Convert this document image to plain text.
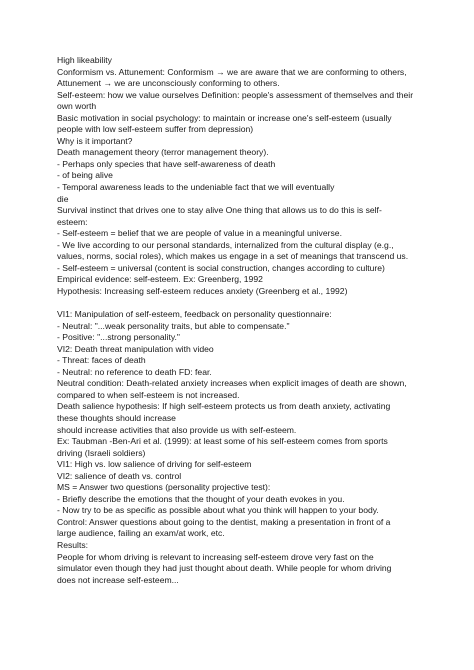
High likeability
Conformism vs. Attunement: Conformism → we are aware that we are conforming to others,
Attunement → we are unconsciously conforming to others.
Self-esteem: how we value ourselves Definition: people's assessment of themselves and their
own worth
Basic motivation in social psychology: to maintain or increase one's self-esteem (usually
people with low self-esteem suffer from depression)
Why is it important?
Death management theory (terror management theory).
- Perhaps only species that have self-awareness of death
- of being alive
- Temporal awareness leads to the undeniable fact that we will eventually
die
Survival instinct that drives one to stay alive One thing that allows us to do this is self-
esteem:
- Self-esteem = belief that we are people of value in a meaningful universe.
- We live according to our personal standards, internalized from the cultural display (e.g.,
values, norms, social roles), which makes us engage in a set of meanings that transcend us.
- Self-esteem = universal (content is social construction, changes according to culture)
Empirical evidence: self-esteem. Ex: Greenberg, 1992
Hypothesis: Increasing self-esteem reduces anxiety (Greenberg et al., 1992)
VI1: Manipulation of self-esteem, feedback on personality questionnaire:
- Neutral: "...weak personality traits, but able to compensate."
- Positive: "...strong personality."
VI2: Death threat manipulation with video
- Threat: faces of death
- Neutral: no reference to death FD: fear.
Neutral condition: Death-related anxiety increases when explicit images of death are shown,
compared to when self-esteem is not increased.
Death salience hypothesis: If high self-esteem protects us from death anxiety, activating
these thoughts should increase
should increase activities that also provide us with self-esteem.
Ex: Taubman -Ben-Ari et al. (1999): at least some of his self-esteem comes from sports
driving (Israeli soldiers)
VI1: High vs. low salience of driving for self-esteem
VI2: salience of death vs. control
MS = Answer two questions (personality projective test):
- Briefly describe the emotions that the thought of your death evokes in you.
- Now try to be as specific as possible about what you think will happen to your body.
Control: Answer questions about going to the dentist, making a presentation in front of a
large audience, failing an exam/at work, etc.
Results:
People for whom driving is relevant to increasing self-esteem drove very fast on the
simulator even though they had just thought about death. While people for whom driving
does not increase self-esteem...
